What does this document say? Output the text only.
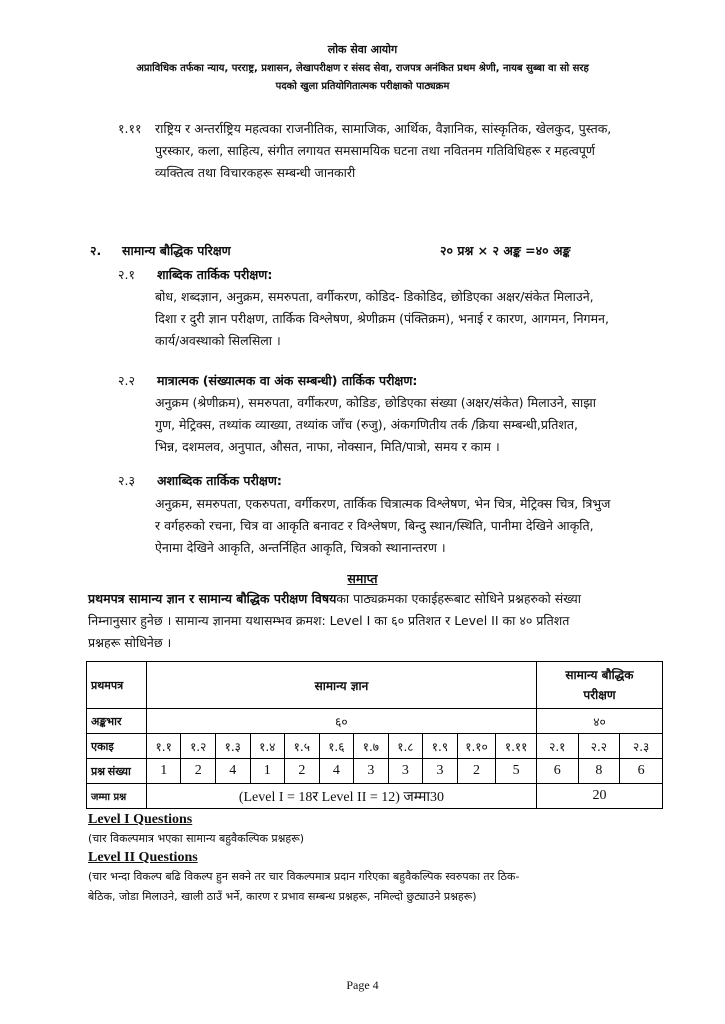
लोक सेवा आयोग
अप्राविधिक तर्फका न्याय, परराष्ट्र, प्रशासन, लेखापरीक्षण र संसद सेवा, राजपत्र अनंकित प्रथम श्रेणी, नायब सुब्बा वा सो सरह
पदको खुला प्रतियोगितात्मक परीक्षाको पाठ्यक्रम
१.११ राष्ट्रिय र अन्तर्राष्ट्रिय महत्वका राजनीतिक, सामाजिक, आर्थिक, वैज्ञानिक, सांस्कृतिक, खेलकुद, पुस्तक,
पुरस्कार, कला, साहित्य, संगीत लगायत समसामयिक घटना तथा नवितनम गतिविधिहरू र महत्वपूर्ण
व्यक्तित्व तथा विचारकहरू सम्बन्धी जानकारी
२. सामान्य बौद्धिक परिक्षण	२० प्रश्न × २ अङ्क =४० अङ्क
२.१ शाब्दिक तार्किक परीक्षण:
बोध, शब्दज्ञान, अनुक्रम, समरुपता, वर्गीकरण, कोडिद- डिकोडिद, छोडिएका अक्षर/संकेत मिलाउने,
दिशा र दुरी ज्ञान परीक्षण, तार्किक विश्लेषण, श्रेणीक्रम (पंक्तिक्रम), भनाई र कारण, आगमन, निगमन,
कार्य/अवस्थाको सिलसिला ।
२.२ मात्रात्मक (संख्यात्मक वा अंक सम्बन्धी) तार्किक परीक्षण:
अनुक्रम (श्रेणीक्रम), समरुपता, वर्गीकरण, कोडिङ, छोडिएका संख्या (अक्षर/संकेत) मिलाउने, साझा
गुण, मेट्रिक्स, तथ्यांक व्याख्या, तथ्यांक जाँच (रुजु), अंकगणितीय तर्क /क्रिया सम्बन्धी,प्रतिशत,
भिन्न, दशमलव, अनुपात, औसत, नाफा, नोक्सान, मिति/पात्रो, समय र काम ।
२.३ अशाब्दिक तार्किक परीक्षण:
अनुक्रम, समरुपता, एकरुपता, वर्गीकरण, तार्किक चित्रात्मक विश्लेषण, भेन चित्र, मेट्रिक्स चित्र, त्रिभुज
र वर्गहरुको रचना, चित्र वा आकृति बनावट र विश्लेषण, बिन्दु स्थान/स्थिति, पानीमा देखिने आकृति,
ऐनामा देखिने आकृति, अन्तर्निहित आकृति, चित्रको स्थानान्तरण ।
समाप्त
प्रथमपत्र सामान्य ज्ञान र सामान्य बौद्धिक परीक्षण विषयका पाठ्यक्रमका एकाईहरूबाट सोधिने प्रश्नहरुको संख्या
निम्नानुसार हुनेछ । सामान्य ज्ञानमा यथासम्भव क्रमश: Level I का ६० प्रतिशत र Level II का ४० प्रतिशत
प्रश्नहरू सोधिनेछ ।
प्रथमपत्र	सामान्य ज्ञान											सामान्य बौद्धिक
परीक्षण		

अङ्कभार	६०											४०		
एकाइ	१.१	१.२	१.३	१.४	१.५	१.६	१.७	१.८	१.९	१.१०	१.११	२.१	२.२	२.३
प्रश्न संख्या	1	2	4	1	2	4	3	3	3	2	5	6	8	6
जम्मा प्रश्न	(Level I = 18र Level II = 12) जम्मा30											20		
Level I Questions
(चार विकल्पमात्र भएका सामान्य बहुवैकल्पिक प्रश्नहरू)
Level II Questions
(चार भन्दा विकल्प बढि विकल्प हुन सक्ने तर चार विकल्पमात्र प्रदान गरिएका बहुवैकल्पिक स्वरुपका तर ठिक-
बेठिक, जोडा मिलाउने, खाली ठाउँ भर्ने, कारण र प्रभाव सम्बन्ध प्रश्नहरू, नमिल्दो छुट्याउने प्रश्नहरू)
Page 4
